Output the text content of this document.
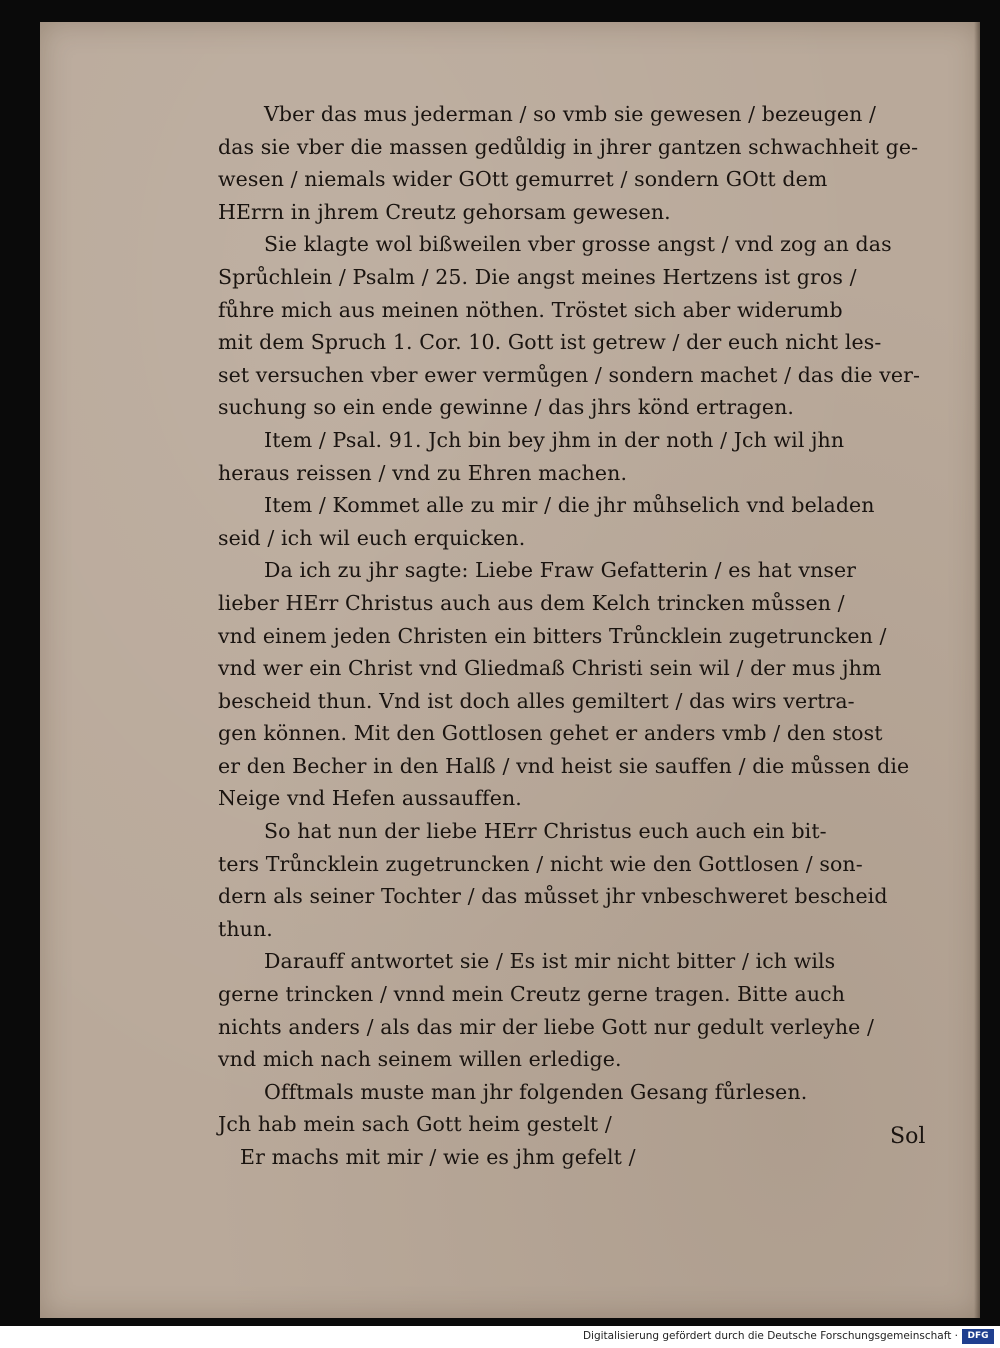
Vber das mus jederman / so vmb sie gewesen / bezeugen /
das sie vber die massen gedůldig in jhrer gantzen schwachheit ge-
wesen / niemals wider GOtt gemurret / sondern GOtt dem
HErrn in jhrem Creutz gehorsam gewesen.
Sie klagte wol bißweilen vber grosse angst / vnd zog an das
Sprůchlein / Psalm / 25. Die angst meines Hertzens ist gros /
fůhre mich aus meinen nöthen. Tröstet sich aber widerumb
mit dem Spruch 1. Cor. 10. Gott ist getrew / der euch nicht les-
set versuchen vber ewer vermůgen / sondern machet / das die ver-
suchung so ein ende gewinne / das jhrs könd ertragen.
Item / Psal. 91. Jch bin bey jhm in der noth / Jch wil jhn
heraus reissen / vnd zu Ehren machen.
Item / Kommet alle zu mir / die jhr můhselich vnd beladen
seid / ich wil euch erquicken.
Da ich zu jhr sagte: Liebe Fraw Gefatterin / es hat vnser
lieber HErr Christus auch aus dem Kelch trincken můssen /
vnd einem jeden Christen ein bitters Trůncklein zugetruncken /
vnd wer ein Christ vnd Gliedmaß Christi sein wil / der mus jhm
bescheid thun. Vnd ist doch alles gemiltert / das wirs vertra-
gen können. Mit den Gottlosen gehet er anders vmb / den stost
er den Becher in den Halß / vnd heist sie sauffen / die můssen die
Neige vnd Hefen aussauffen.
So hat nun der liebe HErr Christus euch auch ein bit-
ters Trůncklein zugetruncken / nicht wie den Gottlosen / son-
dern als seiner Tochter / das můsset jhr vnbeschweret bescheid
thun.
Darauff antwortet sie / Es ist mir nicht bitter / ich wils
gerne trincken / vnnd mein Creutz gerne tragen. Bitte auch
nichts anders / als das mir der liebe Gott nur gedult verleyhe /
vnd mich nach seinem willen erledige.
Offtmals muste man jhr folgenden Gesang fůrlesen.
Jch hab mein sach Gott heim gestelt /
Er machs mit mir / wie es jhm gefelt /
Sol
Digitalisierung gefördert durch die Deutsche Forschungsgemeinschaft ·	DFG
